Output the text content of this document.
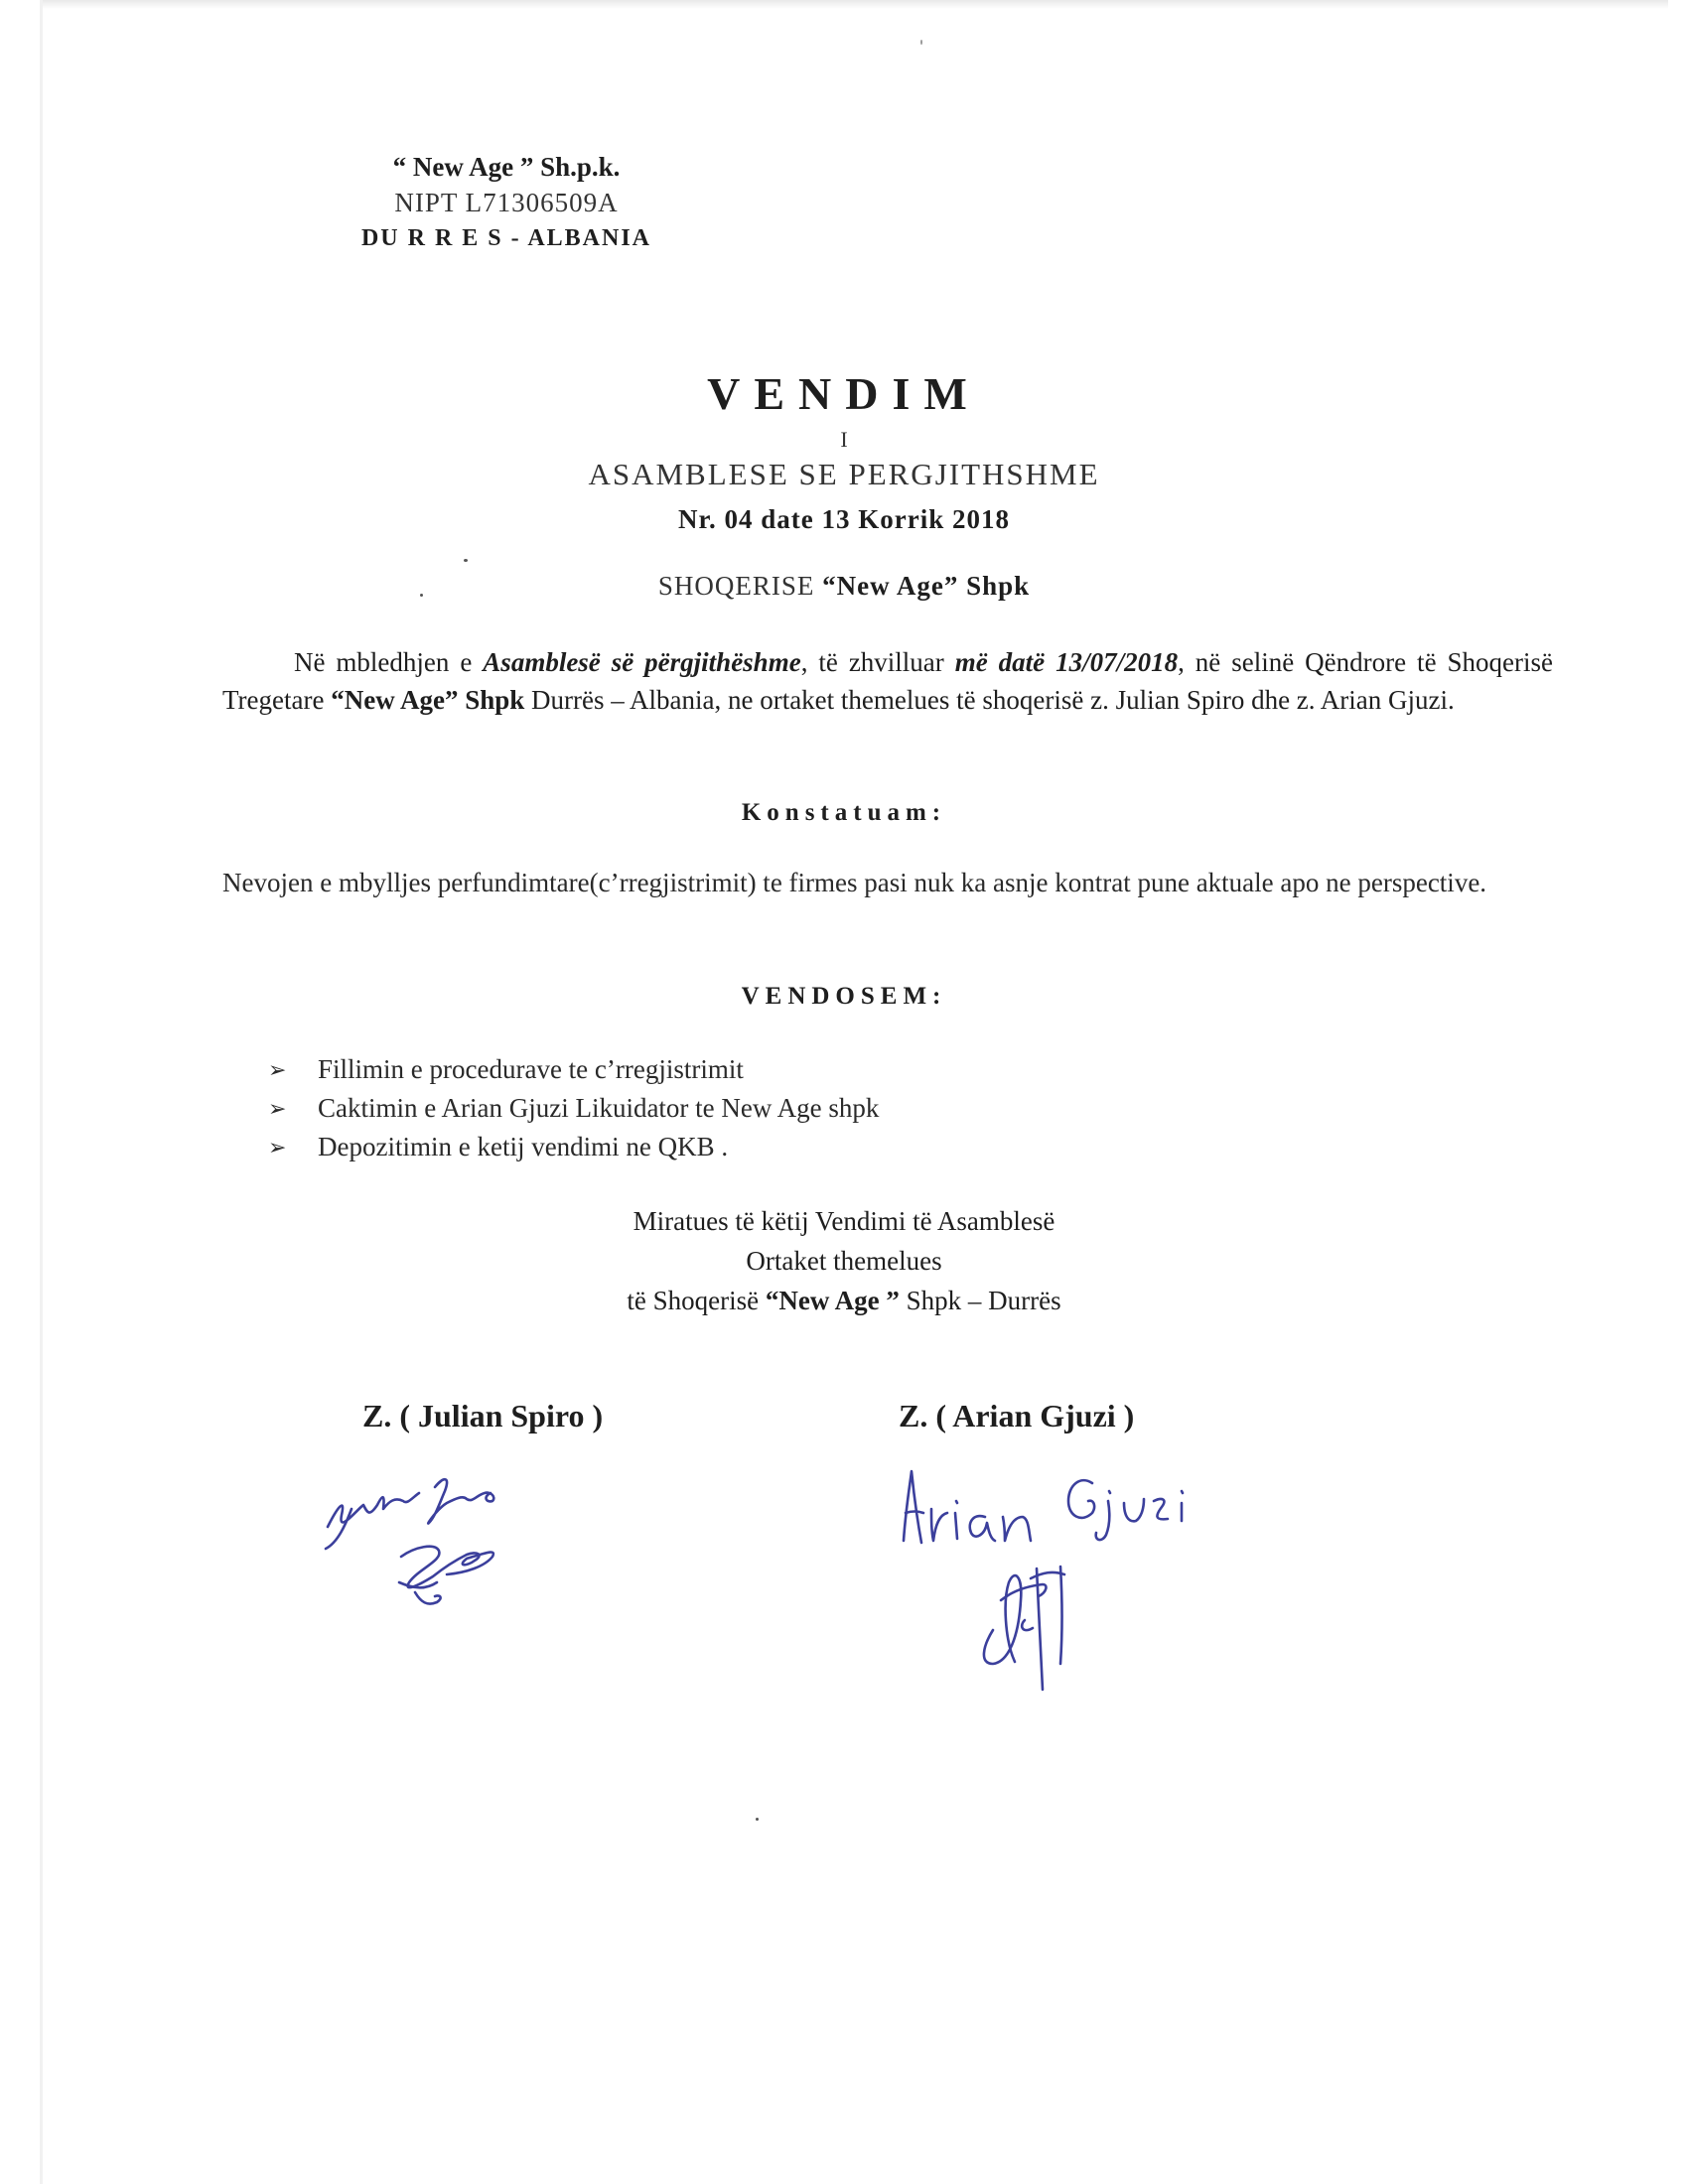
“ New Age ” Sh.p.k.
NIPT L71306509A
DU R R E S - ALBANIA
VENDIM
I
ASAMBLESE SE PERGJITHSHME
Nr. 04 date 13 Korrik 2018
SHOQERISE “New Age” Shpk
Në mbledhjen e Asamblesë së përgjithëshme, të zhvilluar më datë 13/07/2018, në selinë Qëndrore të Shoqerisë Tregetare “New Age” Shpk Durrës – Albania, ne ortaket themelues të shoqerisë z. Julian Spiro dhe z. Arian Gjuzi.
Konstatuam:
Nevojen e mbylljes perfundimtare(c’rregjistrimit) te firmes pasi nuk ka asnje kontrat pune aktuale apo ne perspective.
VENDOSEM:
➢ Fillimin e procedurave te c’rregjistrimit
➢ Caktimin e Arian Gjuzi Likuidator te New Age shpk
➢ Depozitimin e ketij vendimi ne QKB .
Miratues të këtij Vendimi të Asamblesë
Ortaket themelues
të Shoqerisë “New Age ” Shpk – Durrës
Z. ( Julian Spiro )	Z. ( Arian Gjuzi )
